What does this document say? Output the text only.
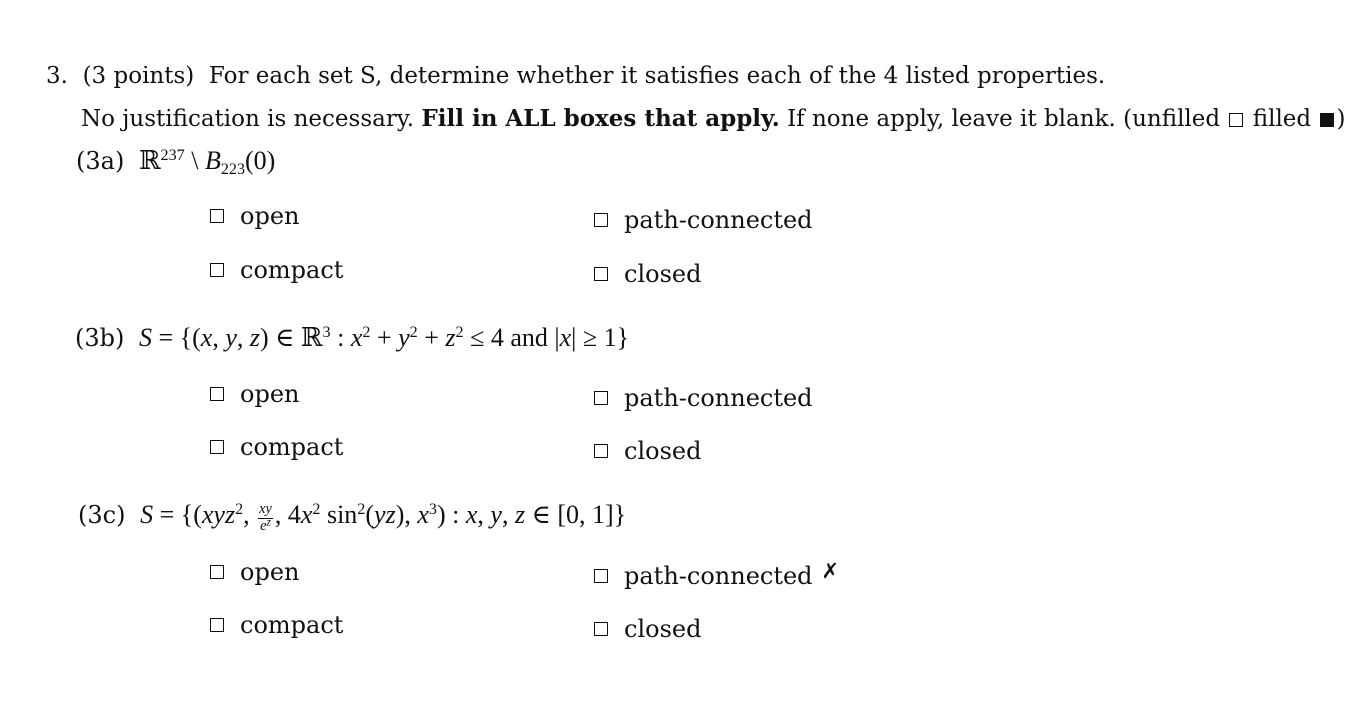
3. (3 points) For each set S, determine whether it satisfies each of the 4 listed properties.
No justification is necessary. Fill in ALL boxes that apply. If none apply, leave it blank. (unfilled filled )
(3a) ℝ$^{237}$ \ $B_{223}(0)$
open	path-connected
compact	closed
(3b) S = {(x, y, z) ∈ ℝ$^3$ : $x^2 + y^2 + z^2 \le 4$ and |x| ≥ 1}
open	path-connected
compact	closed
(3c) S = {(xyz$^2$, $\frac{xy}{e^z}$ , $4x^2$ $\sin^2(yz)$, $x^3$) : x, y, z ∈ [0, 1]}
open	path-connected ✗
compact	closed
